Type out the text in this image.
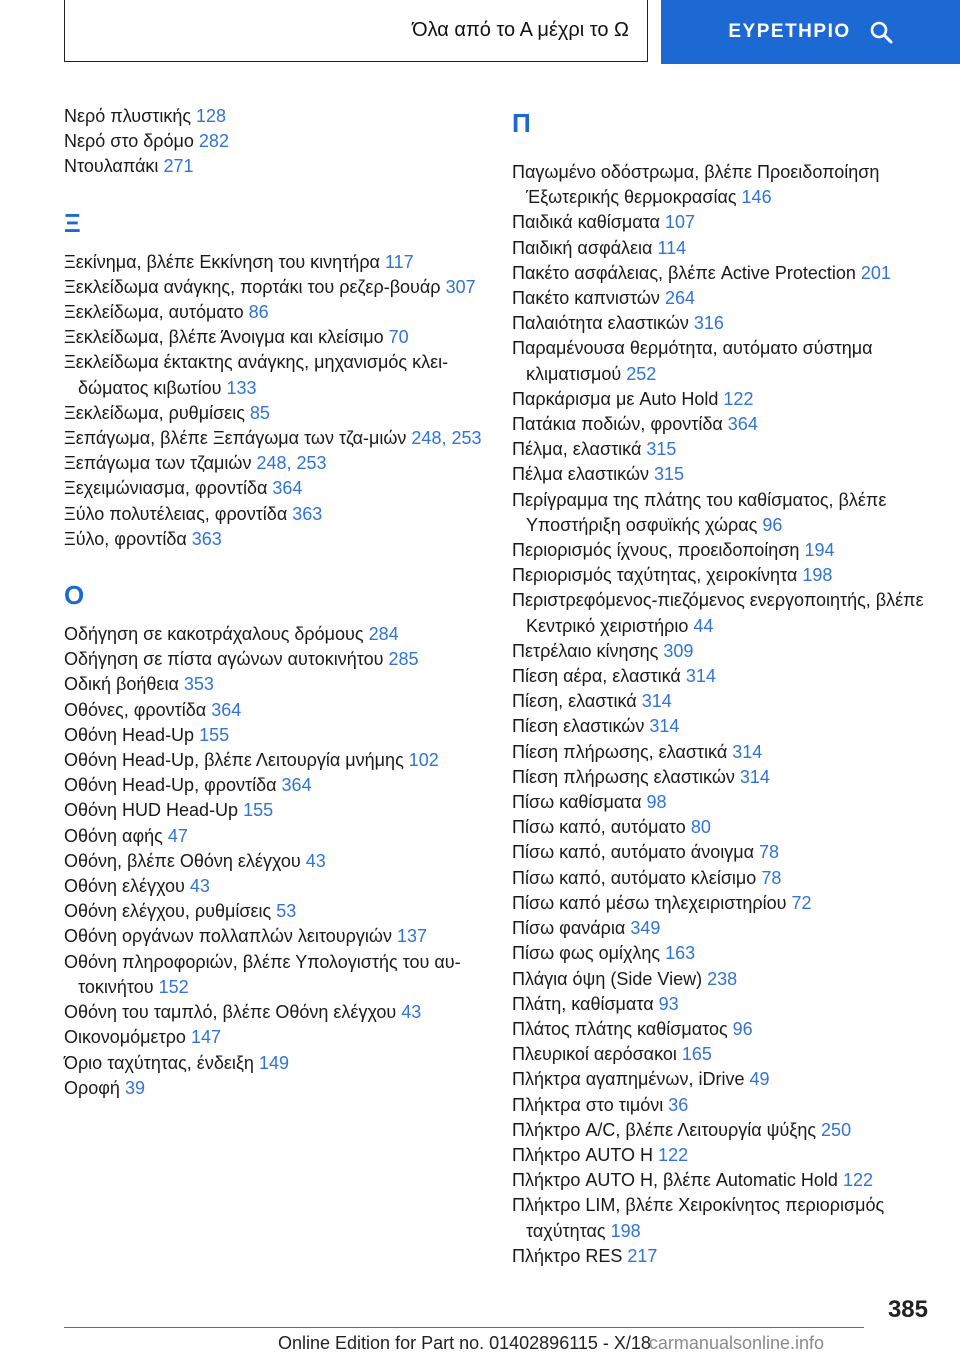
Όλα από το Α μέχρι το Ω	ΕΥΡΕΤΗΡΙΟ
Νερό πλυστικής 128
Νερό στο δρόμο 282
Ντουλαπάκι 271
Ξ
Ξεκίνημα, βλέπε Εκκίνηση του κινητήρα 117
Ξεκλείδωμα ανάγκης, πορτάκι του ρεζερ-βουάρ 307
Ξεκλείδωμα, αυτόματο 86
Ξεκλείδωμα, βλέπε Άνοιγμα και κλείσιμο 70
Ξεκλείδωμα έκτακτης ανάγκης, μηχανισμός κλει-δώματος κιβωτίου 133
Ξεκλείδωμα, ρυθμίσεις 85
Ξεπάγωμα, βλέπε Ξεπάγωμα των τζα-μιών 248, 253
Ξεπάγωμα των τζαμιών 248, 253
Ξεχειμώνιασμα, φροντίδα 364
Ξύλο πολυτέλειας, φροντίδα 363
Ξύλο, φροντίδα 363
Ο
Οδήγηση σε κακοτράχαλους δρόμους 284
Οδήγηση σε πίστα αγώνων αυτοκινήτου 285
Οδική βοήθεια 353
Οθόνες, φροντίδα 364
Οθόνη Head-Up 155
Οθόνη Head-Up, βλέπε Λειτουργία μνήμης 102
Οθόνη Head-Up, φροντίδα 364
Οθόνη HUD Head-Up 155
Οθόνη αφής 47
Οθόνη, βλέπε Οθόνη ελέγχου 43
Οθόνη ελέγχου 43
Οθόνη ελέγχου, ρυθμίσεις 53
Οθόνη οργάνων πολλαπλών λειτουργιών 137
Οθόνη πληροφοριών, βλέπε Υπολογιστής του αυ-τοκινήτου 152
Οθόνη του ταμπλό, βλέπε Οθόνη ελέγχου 43
Οικονομόμετρο 147
Όριο ταχύτητας, ένδειξη 149
Οροφή 39
Π
Παγωμένο οδόστρωμα, βλέπε Προειδοποίηση Έξωτερικής θερμοκρασίας 146
Παιδικά καθίσματα 107
Παιδική ασφάλεια 114
Πακέτο ασφάλειας, βλέπε Active Protection 201
Πακέτο καπνιστών 264
Παλαιότητα ελαστικών 316
Παραμένουσα θερμότητα, αυτόματο σύστημα κλιματισμού 252
Παρκάρισμα με Auto Hold 122
Πατάκια ποδιών, φροντίδα 364
Πέλμα, ελαστικά 315
Πέλμα ελαστικών 315
Περίγραμμα της πλάτης του καθίσματος, βλέπε Υποστήριξη οσφυϊκής χώρας 96
Περιορισμός ίχνους, προειδοποίηση 194
Περιορισμός ταχύτητας, χειροκίνητα 198
Περιστρεφόμενος-πιεζόμενος ενεργοποιητής, βλέπε Κεντρικό χειριστήριο 44
Πετρέλαιο κίνησης 309
Πίεση αέρα, ελαστικά 314
Πίεση, ελαστικά 314
Πίεση ελαστικών 314
Πίεση πλήρωσης, ελαστικά 314
Πίεση πλήρωσης ελαστικών 314
Πίσω καθίσματα 98
Πίσω καπό, αυτόματο 80
Πίσω καπό, αυτόματο άνοιγμα 78
Πίσω καπό, αυτόματο κλείσιμο 78
Πίσω καπό μέσω τηλεχειριστηρίου 72
Πίσω φανάρια 349
Πίσω φως ομίχλης 163
Πλάγια όψη (Side View) 238
Πλάτη, καθίσματα 93
Πλάτος πλάτης καθίσματος 96
Πλευρικοί αερόσακοι 165
Πλήκτρα αγαπημένων, iDrive 49
Πλήκτρα στο τιμόνι 36
Πλήκτρο A/C, βλέπε Λειτουργία ψύξης 250
Πλήκτρο AUTO H 122
Πλήκτρο AUTO H, βλέπε Automatic Hold 122
Πλήκτρο LIM, βλέπε Χειροκίνητος περιορισμός ταχύτητας 198
Πλήκτρο RES 217
385
Online Edition for Part no. 01402896115 - X/18carmanualsonline.info
